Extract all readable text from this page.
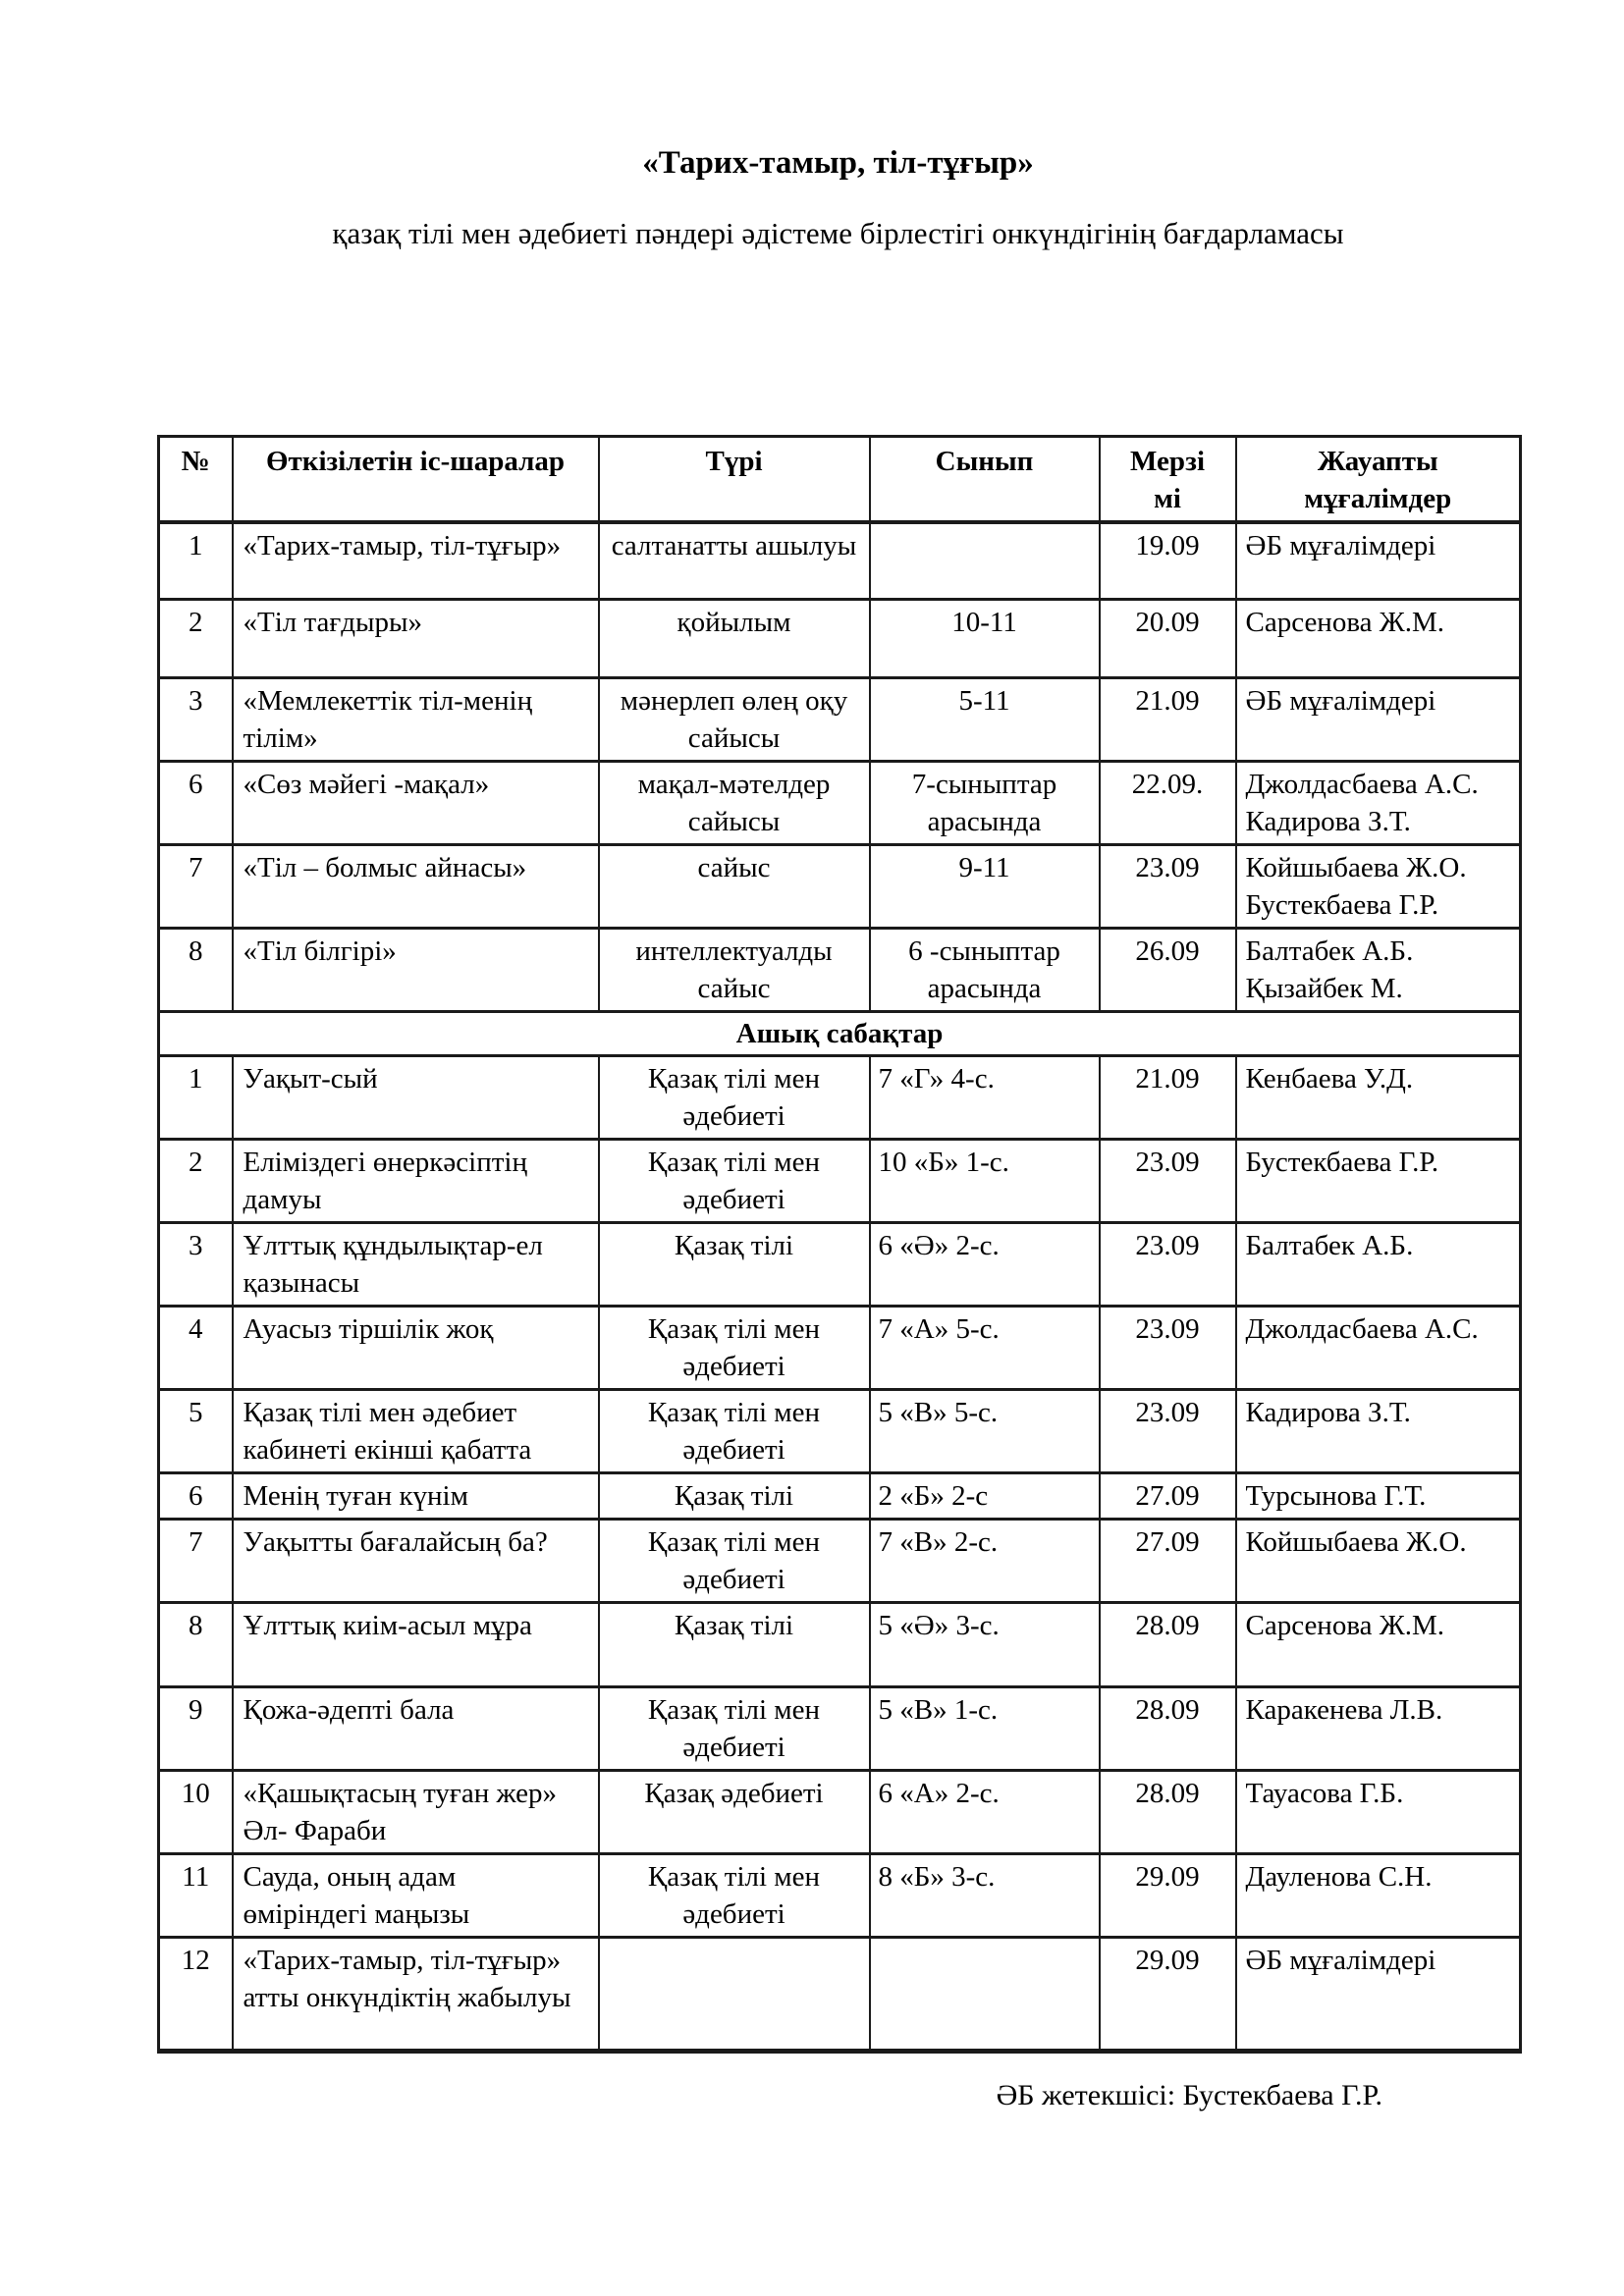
«Тарих-тамыр, тіл-тұғыр»

қазақ тілі мен әдебиеті пәндері әдістеме бірлестігі онкүндігінің бағдарламасы

№	Өткізілетін іс-шаралар	Түрі	Сынып	Мерзімі	Жауапты мұғалімдер
1	«Тарих-тамыр, тіл-тұғыр»	салтанатты ашылуы		19.09	ӘБ мұғалімдері
2	«Тіл тағдыры»	қойылым	10-11	20.09	Сарсенова Ж.М.
3	«Мемлекеттік тіл-менің тілім»	мәнерлеп өлең оқу сайысы	5-11	21.09	ӘБ мұғалімдері
6	«Сөз мәйегі -мақал»	мақал-мәтелдер сайысы	7-сыныптар арасында	22.09.	Джолдасбаева А.С. Кадирова З.Т.
7	«Тіл – болмыс айнасы»	сайыс	9-11	23.09	Койшыбаева Ж.О. Бустекбаева Г.Р.
8	«Тіл білгірі»	интеллектуалды сайыс	6 -сыныптар арасында	26.09	Балтабек А.Б. Қызайбек М.
Ашық сабақтар					
1	Уақыт-сый	Қазақ тілі мен әдебиеті	7 «Г» 4-с.	21.09	Кенбаева У.Д.
2	Еліміздегі өнеркәсіптің дамуы	Қазақ тілі мен әдебиеті	10 «Б» 1-с.	23.09	Бустекбаева Г.Р.
3	Ұлттық құндылықтар-ел қазынасы	Қазақ тілі	6 «Ә» 2-с.	23.09	Балтабек А.Б.
4	Ауасыз тіршілік жоқ	Қазақ тілі мен әдебиеті	7 «А» 5-с.	23.09	Джолдасбаева А.С.
5	Қазақ тілі мен әдебиет кабинеті екінші қабатта	Қазақ тілі мен әдебиеті	5 «В» 5-с.	23.09	Кадирова З.Т.
6	Менің туған күнім	Қазақ тілі	2 «Б» 2-с	27.09	Турсынова Г.Т.
7	Уақытты бағалайсың ба?	Қазақ тілі мен әдебиеті	7 «В» 2-с.	27.09	Койшыбаева Ж.О.
8	Ұлттық киім-асыл мұра	Қазақ тілі	5 «Ә» 3-с.	28.09	Сарсенова Ж.М.
9	Қожа-әдепті бала	Қазақ тілі мен әдебиеті	5 «В» 1-с.	28.09	Каракенева Л.В.
10	«Қашықтасың туған жер» Әл- Фараби	Қазақ әдебиеті	6 «А» 2-с.	28.09	Тауасова Г.Б.
11	Сауда, оның адам өміріндегі маңызы	Қазақ тілі мен әдебиеті	8 «Б» 3-с.	29.09	Дауленова С.Н.
12	«Тарих-тамыр, тіл-тұғыр» атты онкүндіктің жабылуы			29.09	ӘБ мұғалімдері

ӘБ жетекшісі: Бустекбаева Г.Р.
